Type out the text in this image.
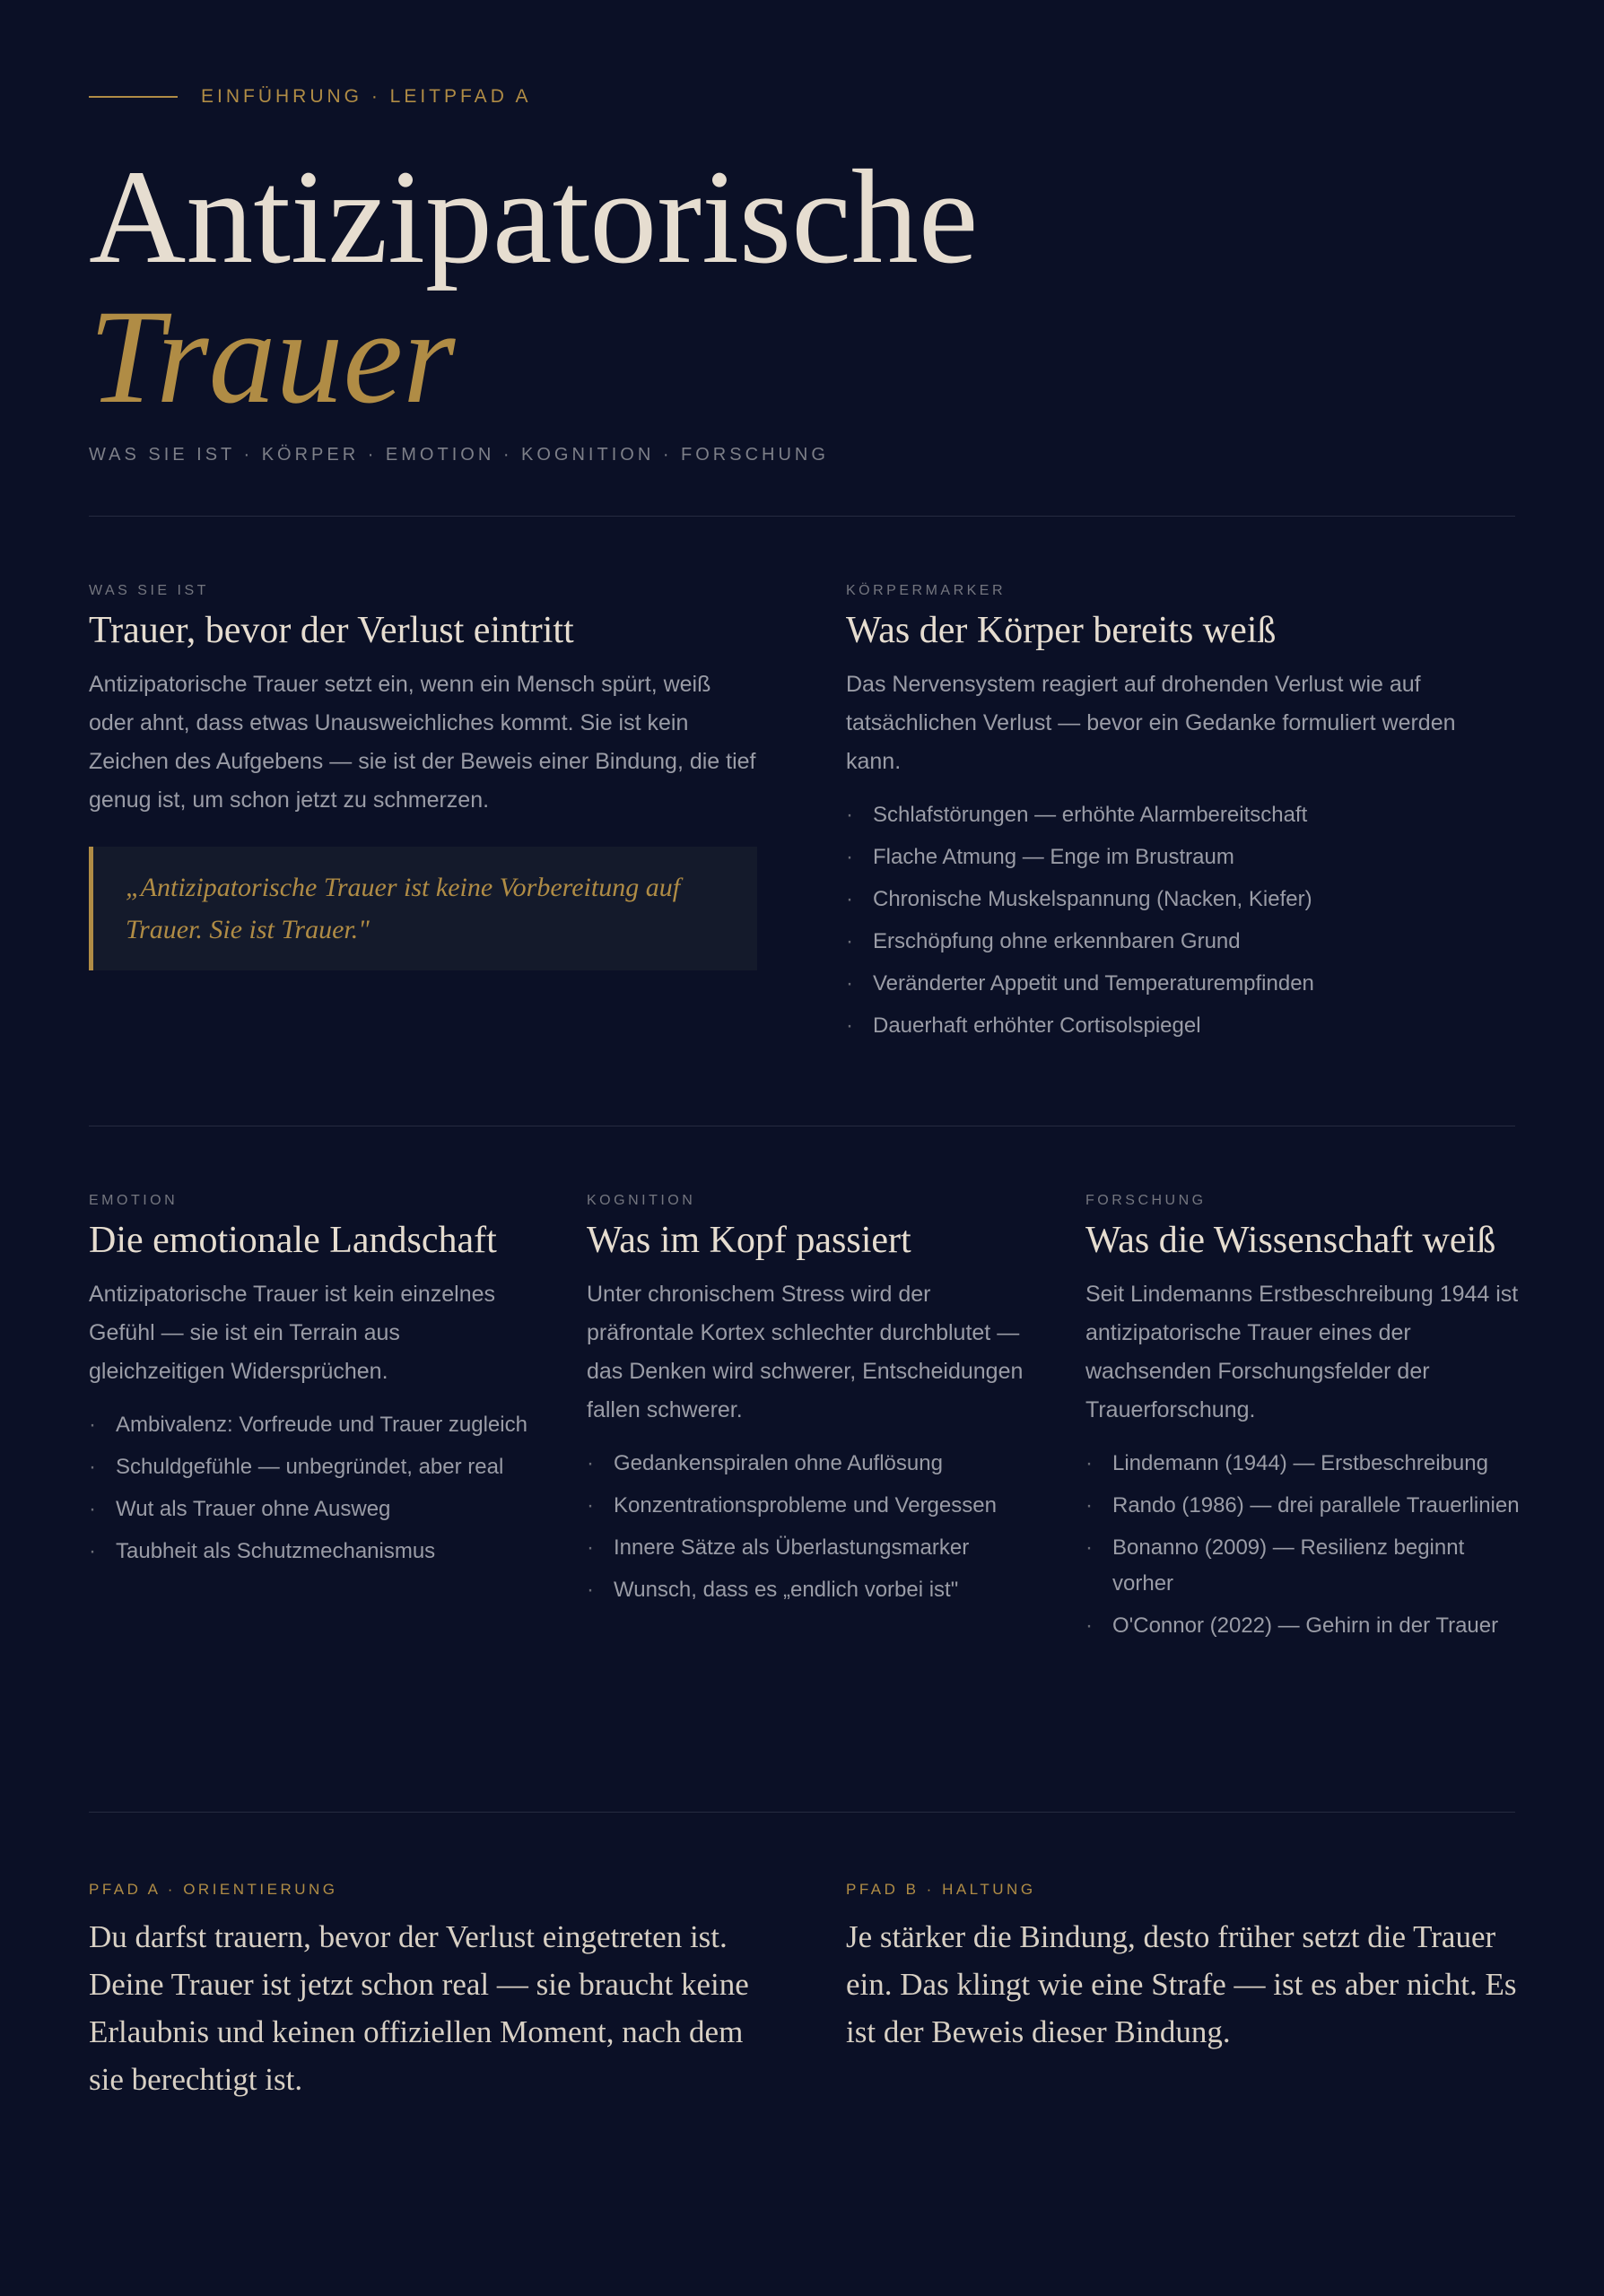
EINFÜHRUNG · LEITPFAD A
Antizipatorische
Trauer
WAS SIE IST · KÖRPER · EMOTION · KOGNITION · FORSCHUNG

WAS SIE IST

Trauer, bevor der Verlust eintritt

Antizipatorische Trauer setzt ein, wenn ein Mensch spürt, weiß oder ahnt, dass etwas Unausweichliches kommt. Sie ist kein Zeichen des Aufgebens — sie ist der Beweis einer Bindung, die tief genug ist, um schon jetzt zu schmerzen.

„Antizipatorische Trauer ist keine Vorbereitung auf Trauer. Sie ist Trauer."

KÖRPERMARKER

Was der Körper bereits weiß

Das Nervensystem reagiert auf drohenden Verlust wie auf tatsächlichen Verlust — bevor ein Gedanke formuliert werden kann.

· Schlafstörungen — erhöhte Alarmbereitschaft
· Flache Atmung — Enge im Brustraum
· Chronische Muskelspannung (Nacken, Kiefer)
· Erschöpfung ohne erkennbaren Grund
· Veränderter Appetit und Temperaturempfinden
· Dauerhaft erhöhter Cortisolspiegel

EMOTION

Die emotionale Landschaft

Antizipatorische Trauer ist kein einzelnes Gefühl — sie ist ein Terrain aus gleichzeitigen Widersprüchen.

· Ambivalenz: Vorfreude und Trauer zugleich
· Schuldgefühle — unbegründet, aber real
· Wut als Trauer ohne Ausweg
· Taubheit als Schutzmechanismus

KOGNITION

Was im Kopf passiert

Unter chronischem Stress wird der präfrontale Kortex schlechter durchblutet — das Denken wird schwerer, Entscheidungen fallen schwerer.

· Gedankenspiralen ohne Auflösung
· Konzentrationsprobleme und Vergessen
· Innere Sätze als Überlastungsmarker
· Wunsch, dass es „endlich vorbei ist"

FORSCHUNG

Was die Wissenschaft weiß

Seit Lindemanns Erstbeschreibung 1944 ist antizipatorische Trauer eines der wachsenden Forschungsfelder der Trauerforschung.

· Lindemann (1944) — Erstbeschreibung
· Rando (1986) — drei parallele Trauerlinien
· Bonanno (2009) — Resilienz beginnt vorher
· O'Connor (2022) — Gehirn in der Trauer

PFAD A · ORIENTIERUNG

Du darfst trauern, bevor der Verlust eingetreten ist. Deine Trauer ist jetzt schon real — sie braucht keine Erlaubnis und keinen offiziellen Moment, nach dem sie berechtigt ist.

PFAD B · HALTUNG

Je stärker die Bindung, desto früher setzt die Trauer ein. Das klingt wie eine Strafe — ist es aber nicht. Es ist der Beweis dieser Bindung.
